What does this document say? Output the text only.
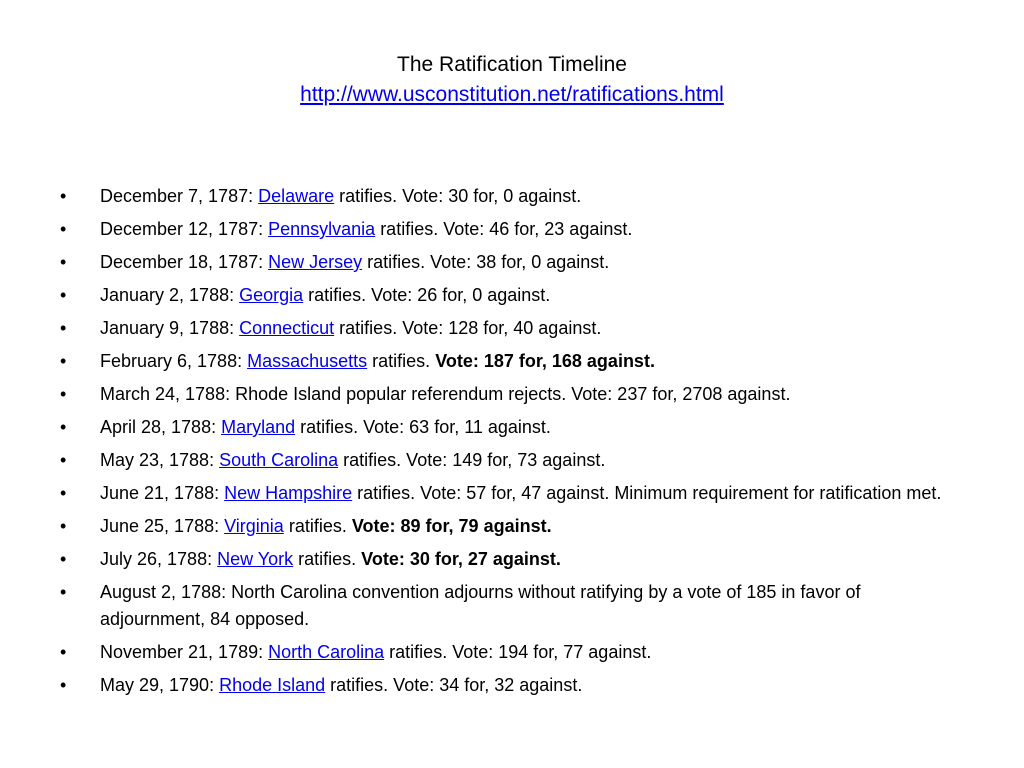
The Ratification Timeline
http://www.usconstitution.net/ratifications.html
• December 7, 1787: Delaware ratifies. Vote: 30 for, 0 against.
• December 12, 1787: Pennsylvania ratifies. Vote: 46 for, 23 against.
• December 18, 1787: New Jersey ratifies. Vote: 38 for, 0 against.
• January 2, 1788: Georgia ratifies. Vote: 26 for, 0 against.
• January 9, 1788: Connecticut ratifies. Vote: 128 for, 40 against.
• February 6, 1788: Massachusetts ratifies. Vote: 187 for, 168 against.
• March 24, 1788: Rhode Island popular referendum rejects. Vote: 237 for, 2708 against.
• April 28, 1788: Maryland ratifies. Vote: 63 for, 11 against.
• May 23, 1788: South Carolina ratifies. Vote: 149 for, 73 against.
• June 21, 1788: New Hampshire ratifies. Vote: 57 for, 47 against. Minimum requirement for ratification met.
• June 25, 1788: Virginia ratifies. Vote: 89 for, 79 against.
• July 26, 1788: New York ratifies. Vote: 30 for, 27 against.
• August 2, 1788: North Carolina convention adjourns without ratifying by a vote of 185 in favor of adjournment, 84 opposed.
• November 21, 1789: North Carolina ratifies. Vote: 194 for, 77 against.
• May 29, 1790: Rhode Island ratifies. Vote: 34 for, 32 against.
